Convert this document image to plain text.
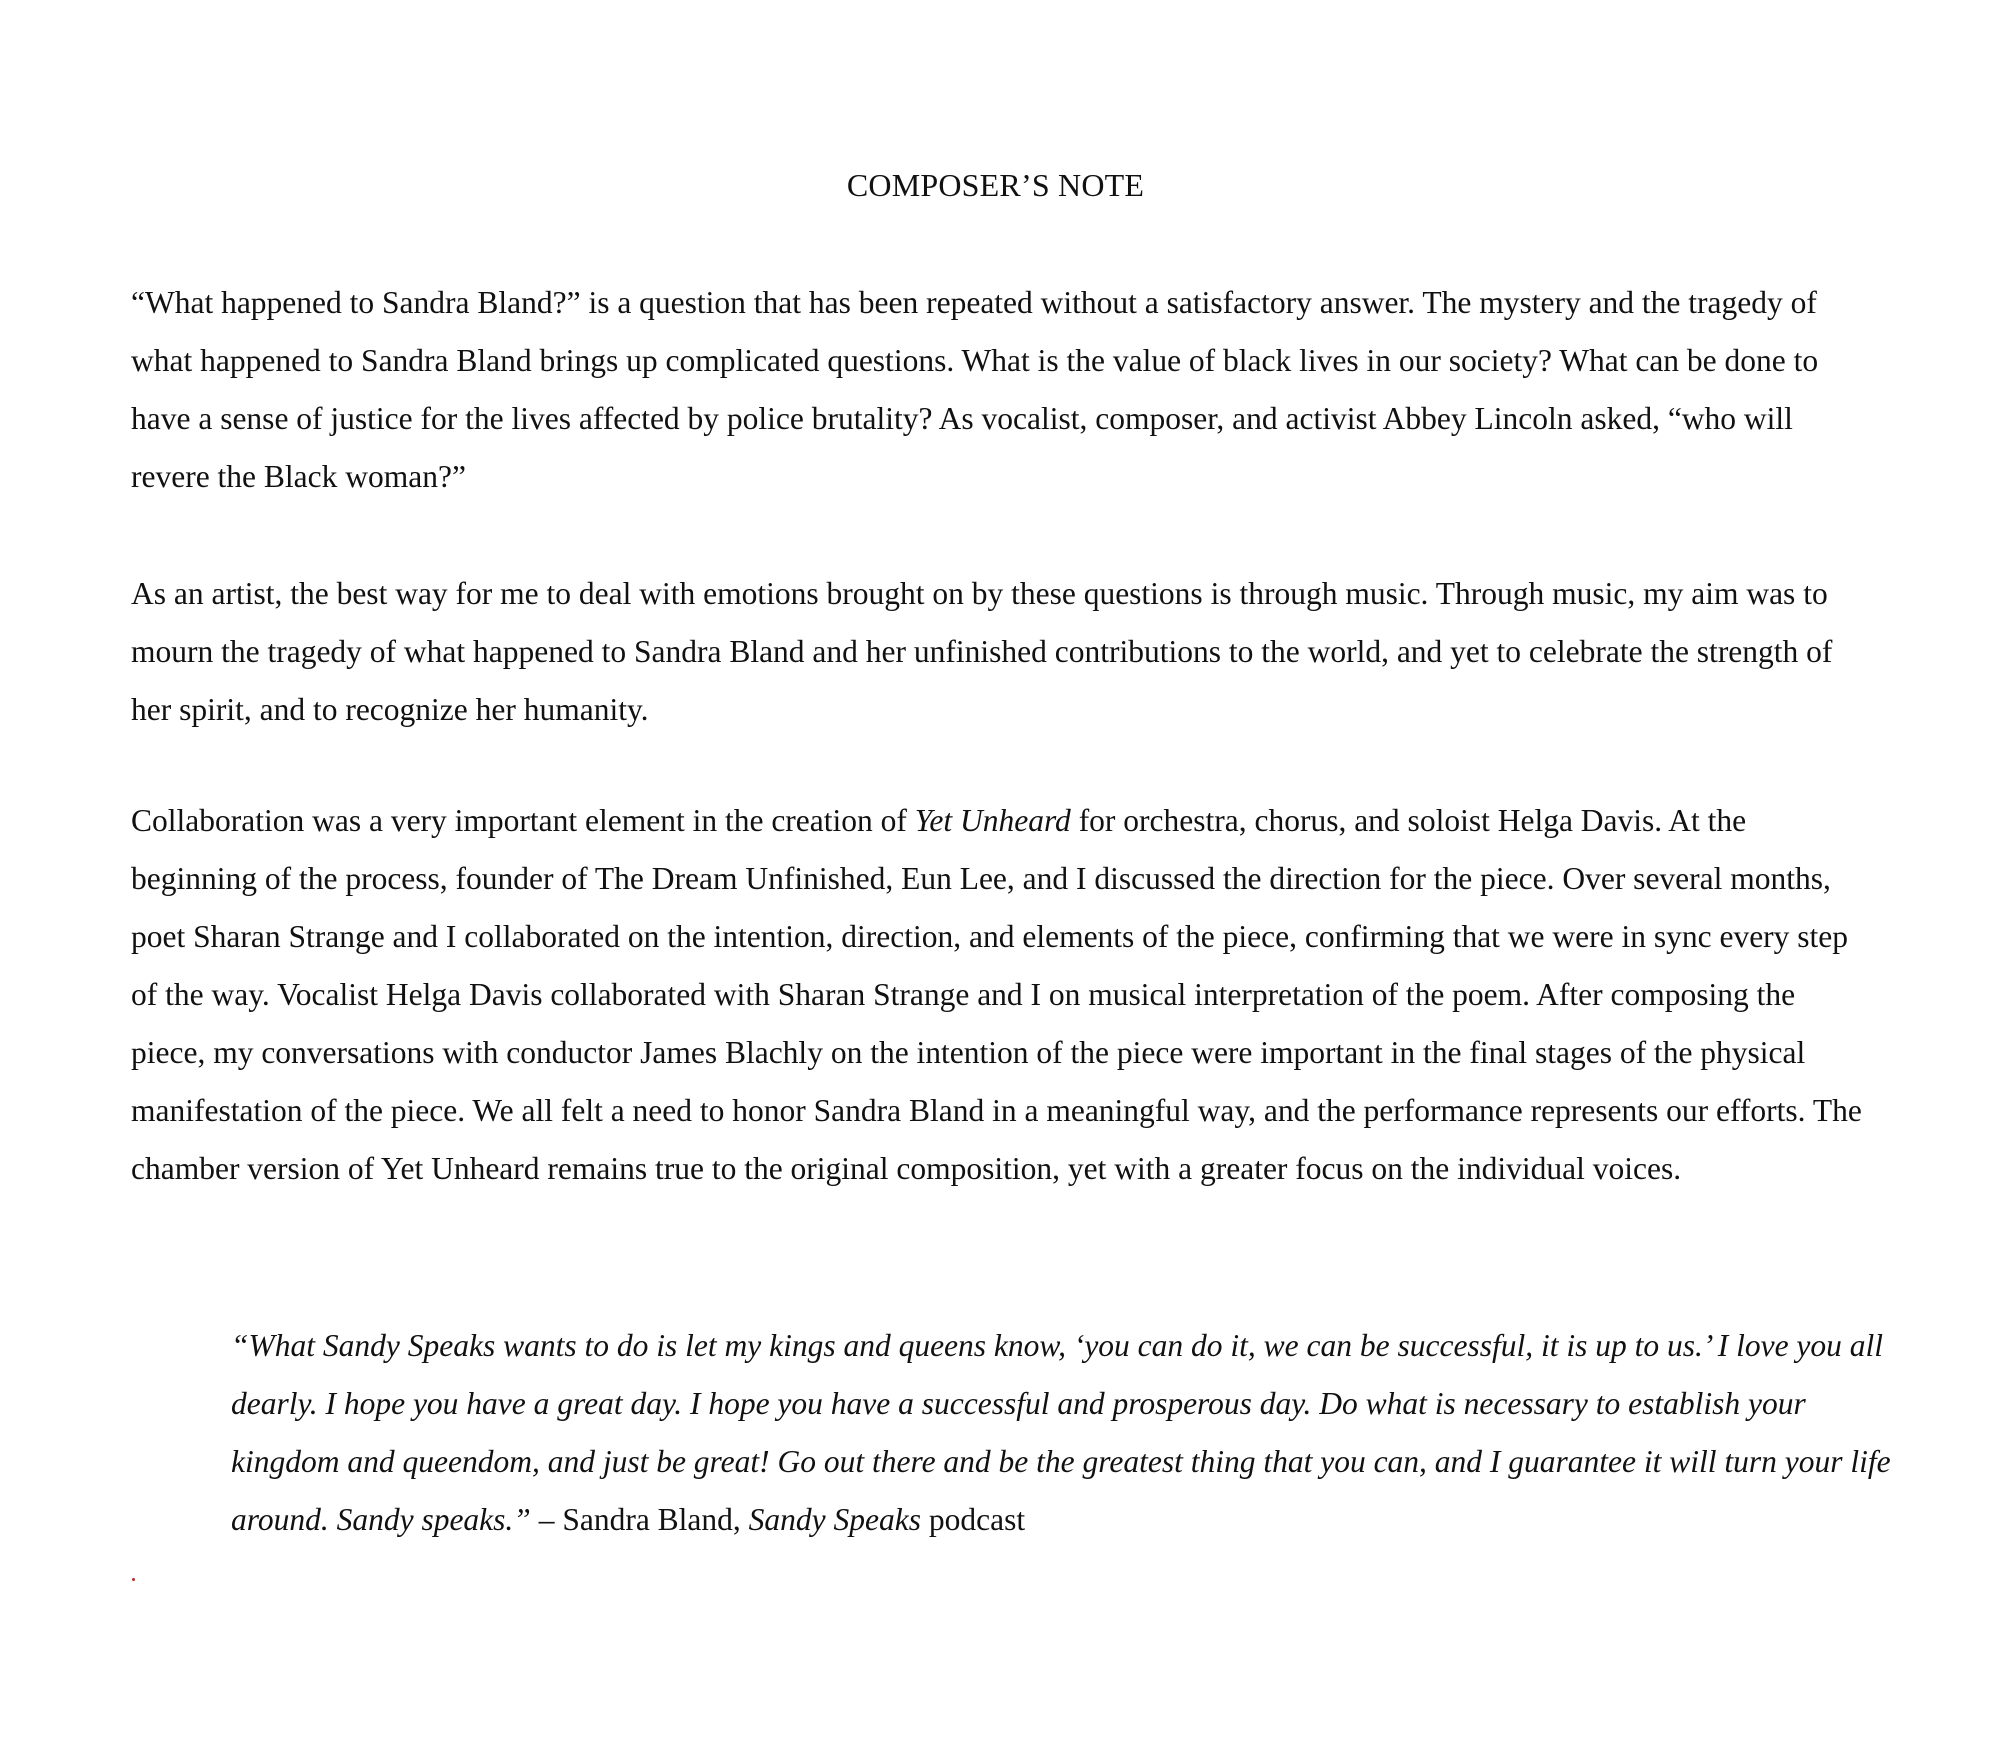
COMPOSER’S NOTE

“What happened to Sandra Bland?” is a question that has been repeated without a satisfactory answer. The mystery and the tragedy of what happened to Sandra Bland brings up complicated questions. What is the value of black lives in our society? What can be done to have a sense of justice for the lives affected by police brutality? As vocalist, composer, and activist Abbey Lincoln asked, “who will revere the Black woman?”

As an artist, the best way for me to deal with emotions brought on by these questions is through music. Through music, my aim was to mourn the tragedy of what happened to Sandra Bland and her unfinished contributions to the world, and yet to celebrate the strength of her spirit, and to recognize her humanity.

Collaboration was a very important element in the creation of Yet Unheard for orchestra, chorus, and soloist Helga Davis. At the beginning of the process, founder of The Dream Unfinished, Eun Lee, and I discussed the direction for the piece. Over several months, poet Sharan Strange and I collaborated on the intention, direction, and elements of the piece, confirming that we were in sync every step of the way. Vocalist Helga Davis collaborated with Sharan Strange and I on musical interpretation of the poem. After composing the piece, my conversations with conductor James Blachly on the intention of the piece were important in the final stages of the physical manifestation of the piece. We all felt a need to honor Sandra Bland in a meaningful way, and the performance represents our efforts. The chamber version of Yet Unheard remains true to the original composition, yet with a greater focus on the individual voices.

“What Sandy Speaks wants to do is let my kings and queens know, ‘you can do it, we can be successful, it is up to us.’ I love you all dearly. I hope you have a great day. I hope you have a successful and prosperous day. Do what is necessary to establish your kingdom and queendom, and just be great! Go out there and be the greatest thing that you can, and I guarantee it will turn your life around. Sandy speaks.” – Sandra Bland, Sandy Speaks podcast
